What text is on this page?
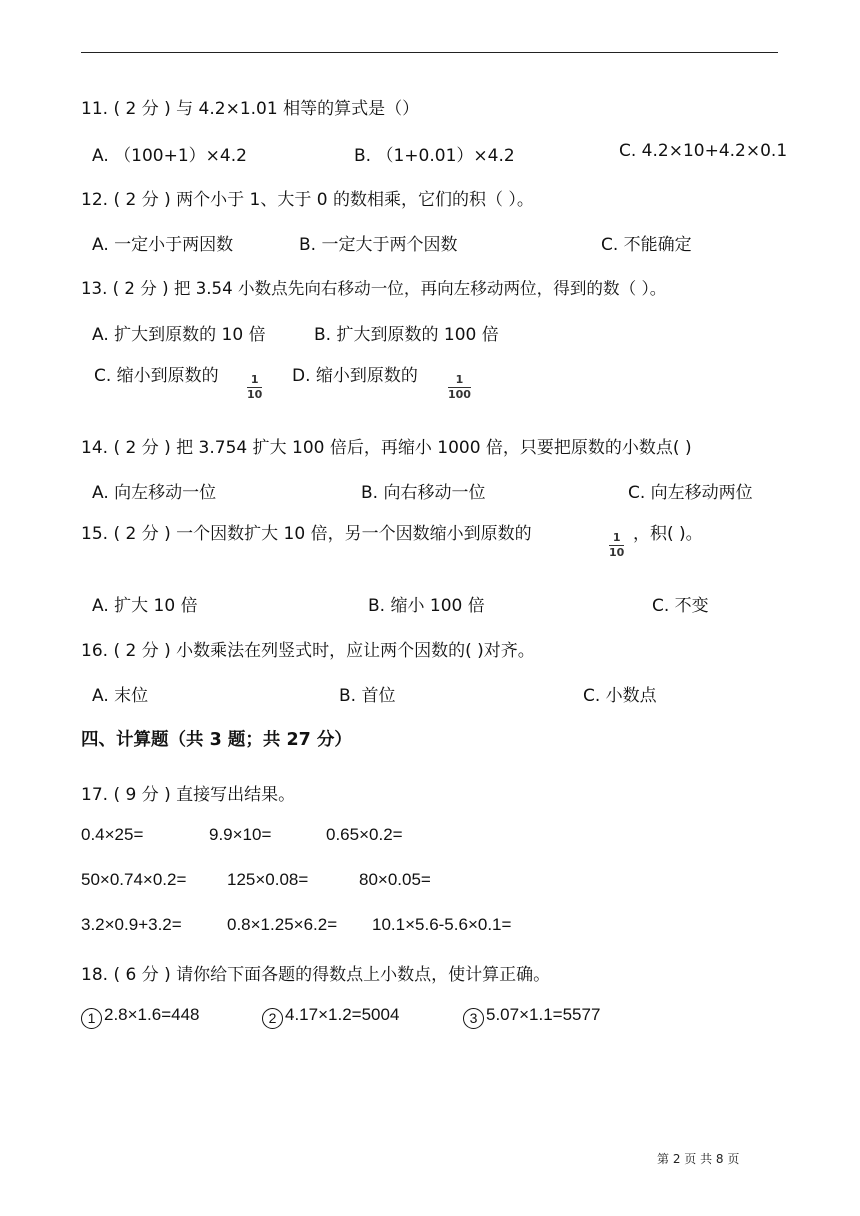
11. ( 2 分 ) 与 4.2×1.01 相等的算式是（）
A. （100+1）×4.2	B. （1+0.01）×4.2	C. 4.2×10+4.2×0.1
12. ( 2 分 ) 两个小于 1、大于 0 的数相乘，它们的积（ ）。
A. 一定小于两因数	B. 一定大于两个因数	C. 不能确定
13. ( 2 分 ) 把 3.54 小数点先向右移动一位，再向左移动两位，得到的数（ ）。
A. 扩大到原数的 10 倍	B. 扩大到原数的 100 倍
C. 缩小到原数的	1
10
D. 缩小到原数的	1
100
14. ( 2 分 ) 把 3.754 扩大 100 倍后，再缩小 1000 倍，只要把原数的小数点( )
A. 向左移动一位	B. 向右移动一位	C. 向左移动两位
15. ( 2 分 ) 一个因数扩大 10 倍，另一个因数缩小到原数的	1
10
，积( )。
A. 扩大 10 倍	B. 缩小 100 倍	C. 不变
16. ( 2 分 ) 小数乘法在列竖式时，应让两个因数的( )对齐。
A. 末位	B. 首位	C. 小数点
四、计算题（共 3 题；共 27 分）
17. ( 9 分 ) 直接写出结果。
0.4×25=	9.9×10=	0.65×0.2=
50×0.74×0.2= 125×0.08=	80×0.05=
3.2×0.9+3.2=	0.8×1.25×6.2= 10.1×5.6-5.6×0.1=
18. ( 6 分 ) 请你给下面各题的得数点上小数点，使计算正确。
1 2.8×1.6=448	2 4.17×1.2=5004	3 5.07×1.1=5577
第 2 页 共 8 页
